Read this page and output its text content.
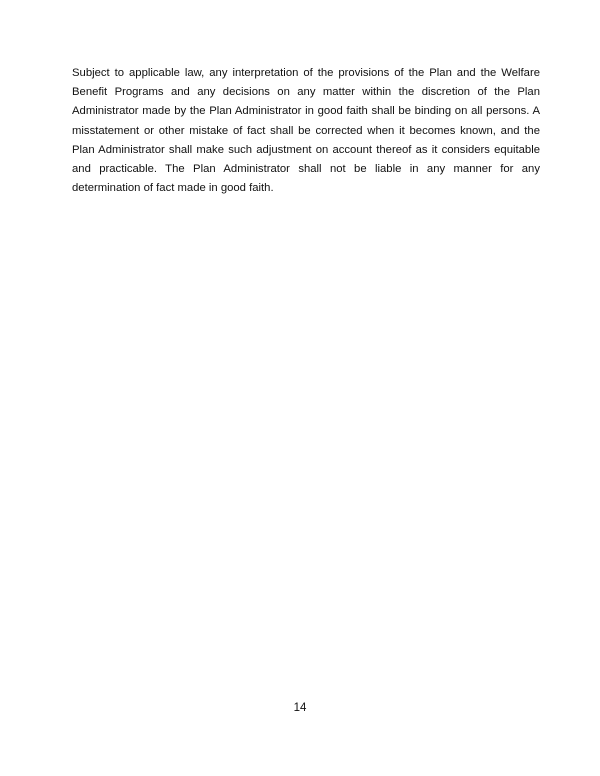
Subject to applicable law, any interpretation of the provisions of the Plan and the Welfare Benefit Programs and any decisions on any matter within the discretion of the Plan Administrator made by the Plan Administrator in good faith shall be binding on all persons. A misstatement or other mistake of fact shall be corrected when it becomes known, and the Plan Administrator shall make such adjustment on account thereof as it considers equitable and practicable. The Plan Administrator shall not be liable in any manner for any determination of fact made in good faith.

14
